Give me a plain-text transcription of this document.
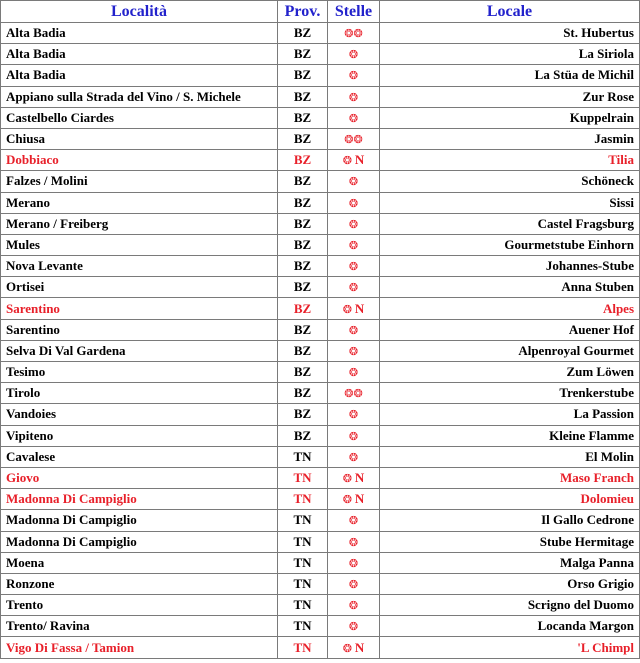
Località	Prov.	Stelle	Locale
Alta Badia	BZ	❂❂	St. Hubertus
Alta Badia	BZ	❂	La Siriola
Alta Badia	BZ	❂	La Stüa de Michil
Appiano sulla Strada del Vino / S. Michele	BZ	❂	Zur Rose
Castelbello Ciardes	BZ	❂	Kuppelrain
Chiusa	BZ	❂❂	Jasmin
Dobbiaco	BZ	❂ N	Tilia
Falzes / Molini	BZ	❂	Schöneck
Merano	BZ	❂	Sissi
Merano / Freiberg	BZ	❂	Castel Fragsburg
Mules	BZ	❂	Gourmetstube Einhorn
Nova Levante	BZ	❂	Johannes-Stube
Ortisei	BZ	❂	Anna Stuben
Sarentino	BZ	❂ N	Alpes
Sarentino	BZ	❂	Auener Hof
Selva Di Val Gardena	BZ	❂	Alpenroyal Gourmet
Tesimo	BZ	❂	Zum Löwen
Tirolo	BZ	❂❂	Trenkerstube
Vandoies	BZ	❂	La Passion
Vipiteno	BZ	❂	Kleine Flamme
Cavalese	TN	❂	El Molin
Giovo	TN	❂ N	Maso Franch
Madonna Di Campiglio	TN	❂ N	Dolomieu
Madonna Di Campiglio	TN	❂	Il Gallo Cedrone
Madonna Di Campiglio	TN	❂	Stube Hermitage
Moena	TN	❂	Malga Panna
Ronzone	TN	❂	Orso Grigio
Trento	TN	❂	Scrigno del Duomo
Trento/ Ravina	TN	❂	Locanda Margon
Vigo Di Fassa / Tamion	TN	❂ N	'L Chimpl
